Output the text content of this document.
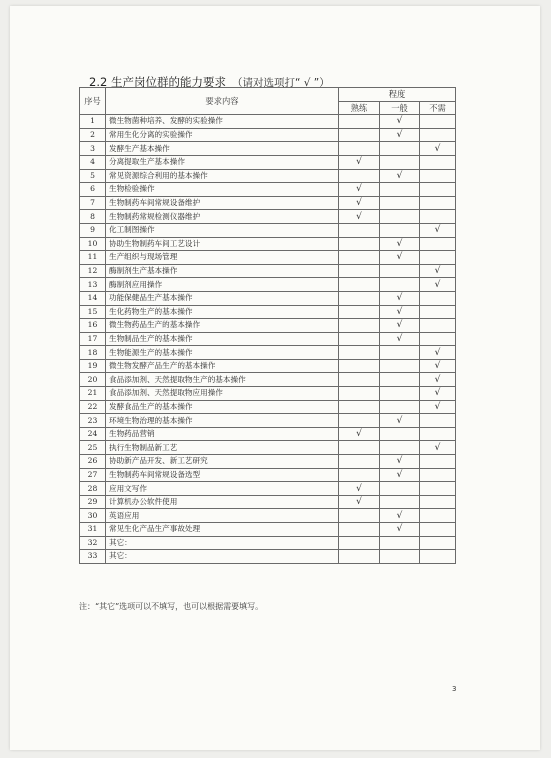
2.2 生产岗位群的能力要求 （请对选项打“ √ ”）
序号	要求内容	程度		
		熟练	一般	不需
1	微生物菌种培养、发酵的实验操作		√	
2	常用生化分离的实验操作		√	
3	发酵生产基本操作			√
4	分离提取生产基本操作	√		
5	常见资源综合利用的基本操作		√	
6	生物检验操作	√		
7	生物制药车间常规设备维护	√		
8	生物制药常规检测仪器维护	√		
9	化工制图操作			√
10	协助生物制药车间工艺设计		√	
11	生产组织与现场管理		√	
12	酶制剂生产基本操作			√
13	酶制剂应用操作			√
14	功能保健品生产基本操作		√	
15	生化药物生产的基本操作		√	
16	微生物药品生产的基本操作		√	
17	生物制品生产的基本操作		√	
18	生物能源生产的基本操作			√
19	微生物发酵产品生产的基本操作			√
20	食品添加剂、天然提取物生产的基本操作			√
21	食品添加剂、天然提取物应用操作			√
22	发酵食品生产的基本操作			√
23	环境生物治理的基本操作		√	
24	生物药品营销	√		
25	执行生物制品新工艺			√
26	协助新产品开发、新工艺研究		√	
27	生物制药车间常规设备选型		√	
28	应用文写作	√		
29	计算机办公软件使用	√		
30	英语应用		√	
31	常见生化产品生产事故处理		√	
32	其它：			
33	其它：			
注：“其它”选项可以不填写，也可以根据需要填写。
3
